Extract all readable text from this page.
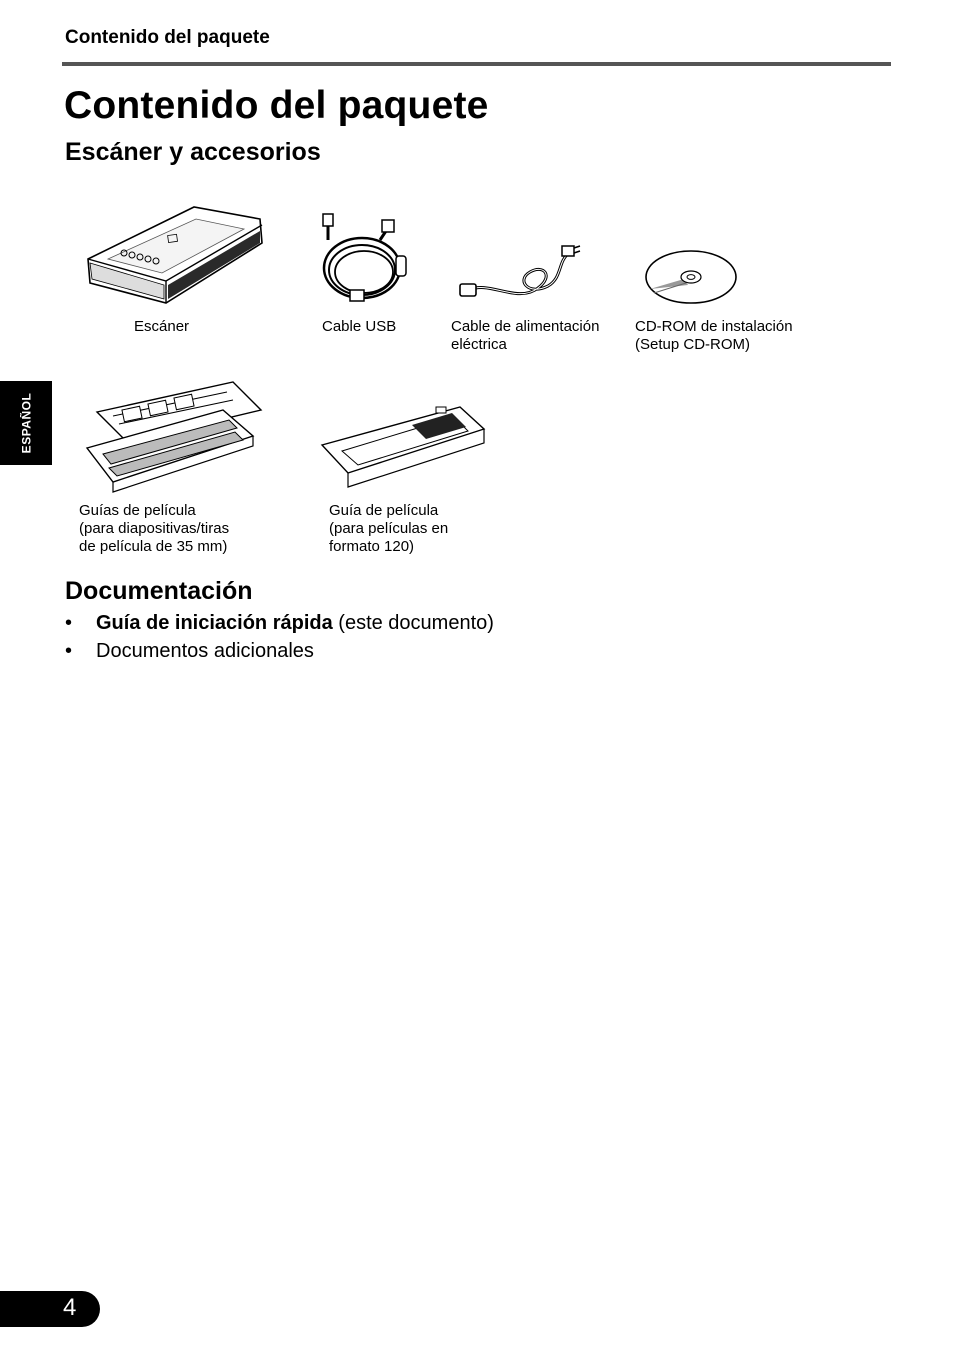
Contenido del paquete
Contenido del paquete
Escáner y accesorios
ESPAÑOL
Escáner	Cable USB	Cable de alimentación
eléctrica
CD-ROM de instalación
(Setup CD-ROM)
Guías de película
(para diapositivas/tiras
de película de 35 mm)
Guía de película
(para películas en
formato 120)
Documentación
• Guía de iniciación rápida (este documento)
• Documentos adicionales
4
